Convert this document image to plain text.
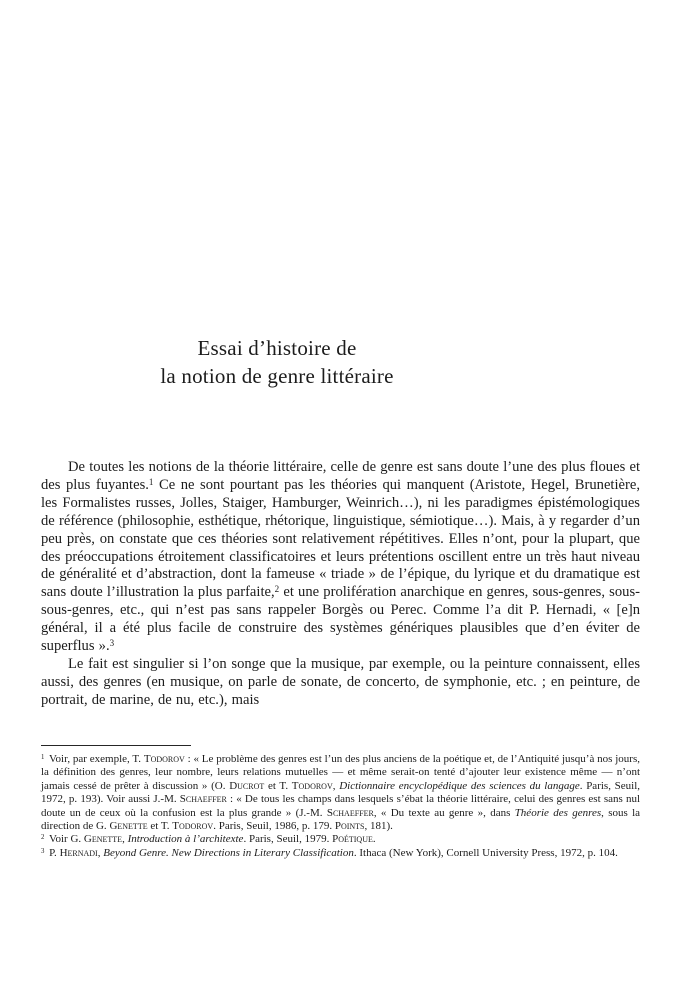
Essai d’histoire de
la notion de genre littéraire

De toutes les notions de la théorie littéraire, celle de genre est sans doute l’une des plus floues et des plus fuyantes.$^1$ Ce ne sont pourtant pas les théories qui manquent (Aristote, Hegel, Brunetière, les Formalistes russes, Jolles, Staiger, Hamburger, Weinrich…), ni les paradigmes épistémologiques de référence (philosophie, esthétique, rhétorique, linguistique, sémiotique…). Mais, à y regarder d’un peu près, on constate que ces théories sont relativement répétitives. Elles n’ont, pour la plupart, que des préoccupations étroitement classificatoires et leurs prétentions oscillent entre un très haut niveau de généralité et d’abstraction, dont la fameuse « triade » de l’épique, du lyrique et du dramatique est sans doute l’illustration la plus parfaite,$^2$ et une prolifération anarchique en genres, sous-genres, sous-sous-genres, etc., qui n’est pas sans rappeler Borgès ou Perec. Comme l’a dit P. Hernadi, « [e]n général, il a été plus facile de construire des systèmes génériques plausibles que d’en éviter de superflus ».$^3$

Le fait est singulier si l’on songe que la musique, par exemple, ou la peinture connaissent, elles aussi, des genres (en musique, on parle de sonate, de concerto, de symphonie, etc. ; en peinture, de portrait, de marine, de nu, etc.), mais

$^1$ Voir, par exemple, T. Todorov : « Le problème des genres est l’un des plus anciens de la poétique et, de l’Antiquité jusqu’à nos jours, la définition des genres, leur nombre, leurs relations mutuelles — et même serait-on tenté d’ajouter leur existence même — n’ont jamais cessé de prêter à discussion » (O. Ducrot et T. Todorov, Dictionnaire encyclopédique des sciences du langage. Paris, Seuil, 1972, p. 193). Voir aussi J.-M. Schaeffer : « De tous les champs dans lesquels s’ébat la théorie littéraire, celui des genres est sans nul doute un de ceux où la confusion est la plus grande » (J.-M. Schaeffer, « Du texte au genre », dans Théorie des genres, sous la direction de G. Genette et T. Todorov. Paris, Seuil, 1986, p. 179. Points, 181).

$^2$ Voir G. Genette, Introduction à l’architexte. Paris, Seuil, 1979. Poétique.

$^3$ P. Hernadi, Beyond Genre. New Directions in Literary Classification. Ithaca (New York), Cornell University Press, 1972, p. 104.
